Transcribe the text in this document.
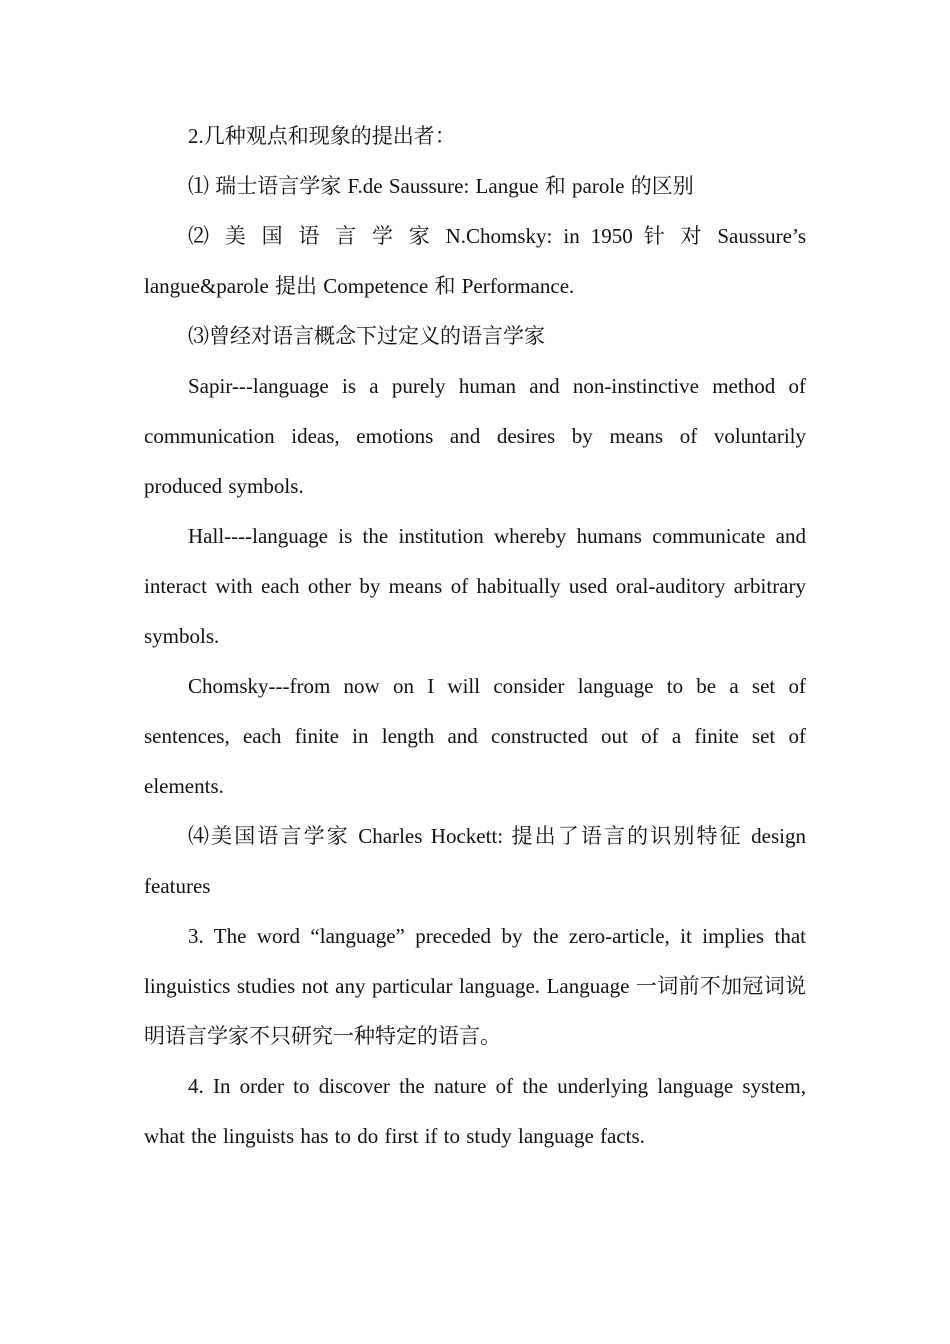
2.几种观点和现象的提出者：

⑴ 瑞士语言学家 F.de Saussure: Langue 和 parole 的区别

⑵ 美 国 语 言 学 家 N.Chomsky: in 1950 针 对 Saussure’s langue&parole 提出 Competence 和 Performance.

⑶曾经对语言概念下过定义的语言学家

Sapir---language is a purely human and non-instinctive method of communication ideas, emotions and desires by means of voluntarily produced symbols.

Hall----language is the institution whereby humans communicate and interact with each other by means of habitually used oral-auditory arbitrary symbols.

Chomsky---from now on I will consider language to be a set of sentences, each finite in length and constructed out of a finite set of elements.

⑷美国语言学家 Charles Hockett: 提出了语言的识别特征 design features

3. The word “language” preceded by the zero-article, it implies that linguistics studies not any particular language. Language 一词前不加冠词说明语言学家不只研究一种特定的语言。

4. In order to discover the nature of the underlying language system, what the linguists has to do first if to study language facts.
